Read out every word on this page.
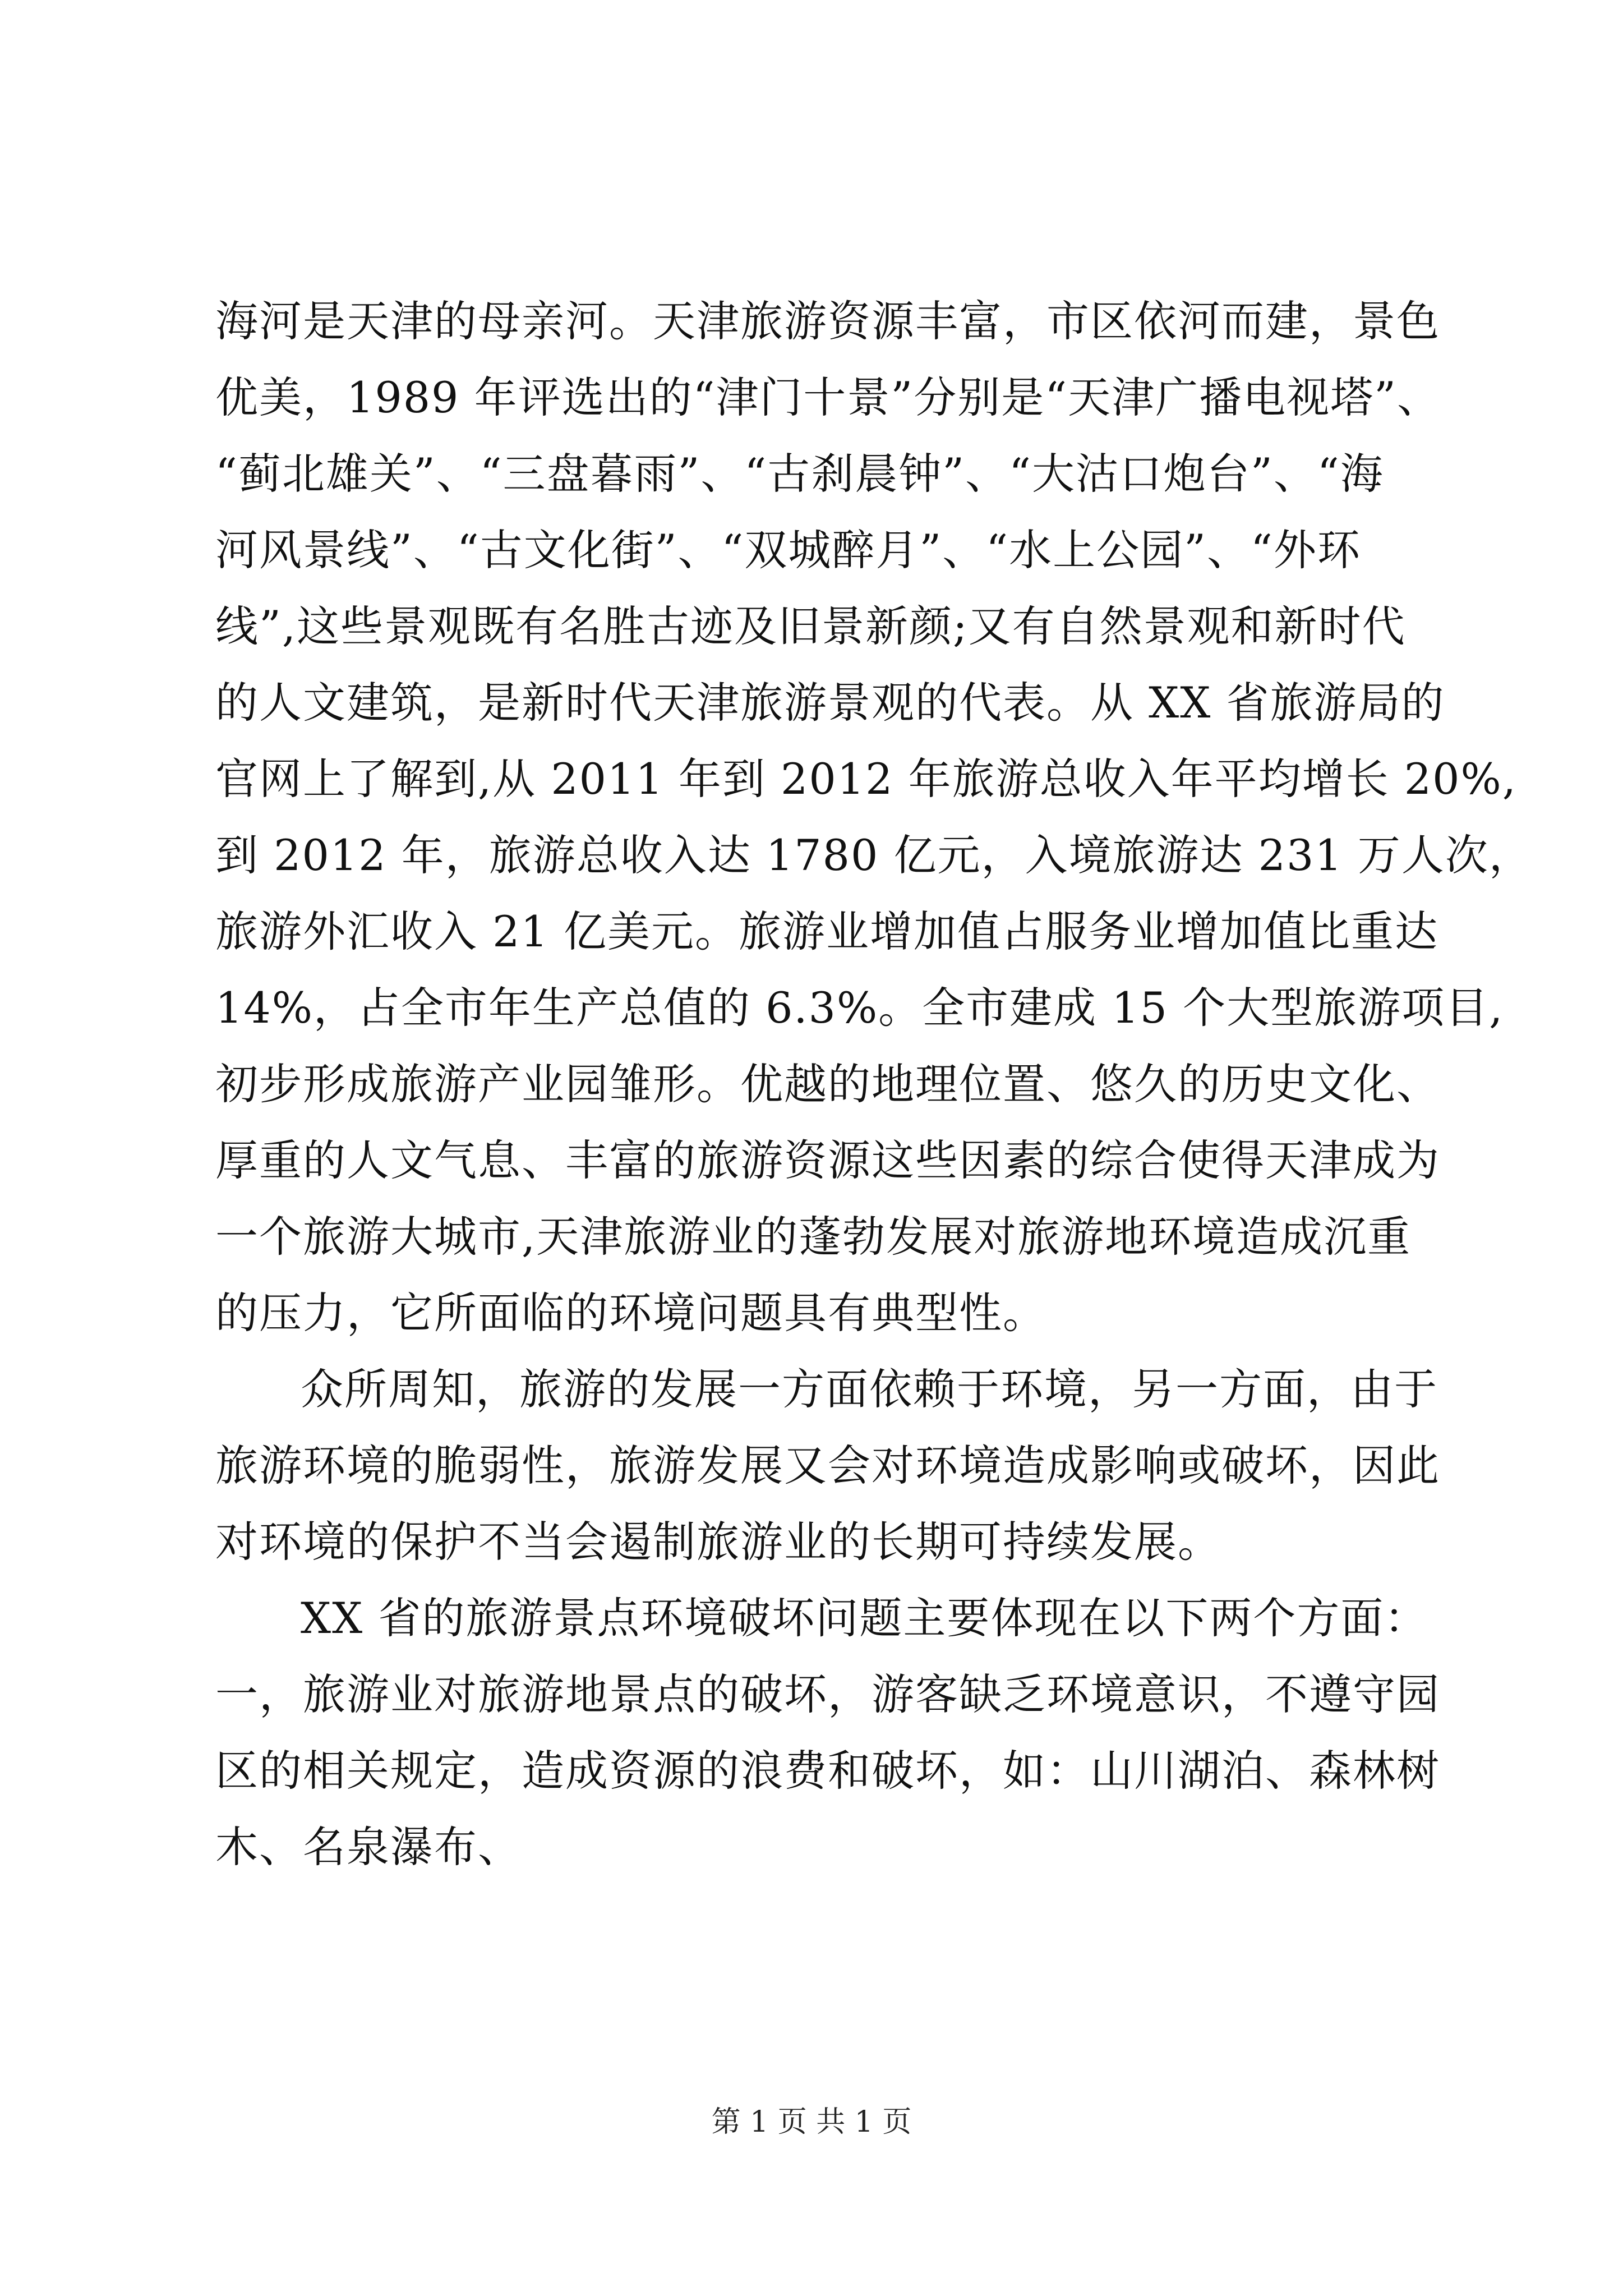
海河是天津的母亲河。天津旅游资源丰富，市区依河而建，景色
优美，1989 年评选出的“津门十景”分别是“天津广播电视塔”、
“蓟北雄关”、“三盘暮雨”、“古刹晨钟”、“大沽口炮台”、“海
河风景线”、“古文化街”、“双城醉月”、“水上公园”、“外环
线”,这些景观既有名胜古迹及旧景新颜;又有自然景观和新时代
的人文建筑，是新时代天津旅游景观的代表。从 XX 省旅游局的
官网上了解到,从 2011 年到 2012 年旅游总收入年平均增长 20%,
到 2012 年，旅游总收入达 1780 亿元，入境旅游达 231 万人次，
旅游外汇收入 21 亿美元。旅游业增加值占服务业增加值比重达
14%，占全市年生产总值的 6.3%。全市建成 15 个大型旅游项目,
初步形成旅游产业园雏形。优越的地理位置、悠久的历史文化、
厚重的人文气息、丰富的旅游资源这些因素的综合使得天津成为
一个旅游大城市,天津旅游业的蓬勃发展对旅游地环境造成沉重
的压力，它所面临的环境问题具有典型性。
众所周知，旅游的发展一方面依赖于环境，另一方面，由于
旅游环境的脆弱性，旅游发展又会对环境造成影响或破坏，因此
对环境的保护不当会遏制旅游业的长期可持续发展。
XX 省的旅游景点环境破坏问题主要体现在以下两个方面：
一，旅游业对旅游地景点的破坏，游客缺乏环境意识，不遵守园
区的相关规定，造成资源的浪费和破坏，如：山川湖泊、森林树
木、名泉瀑布、
第 1 页 共 1 页
